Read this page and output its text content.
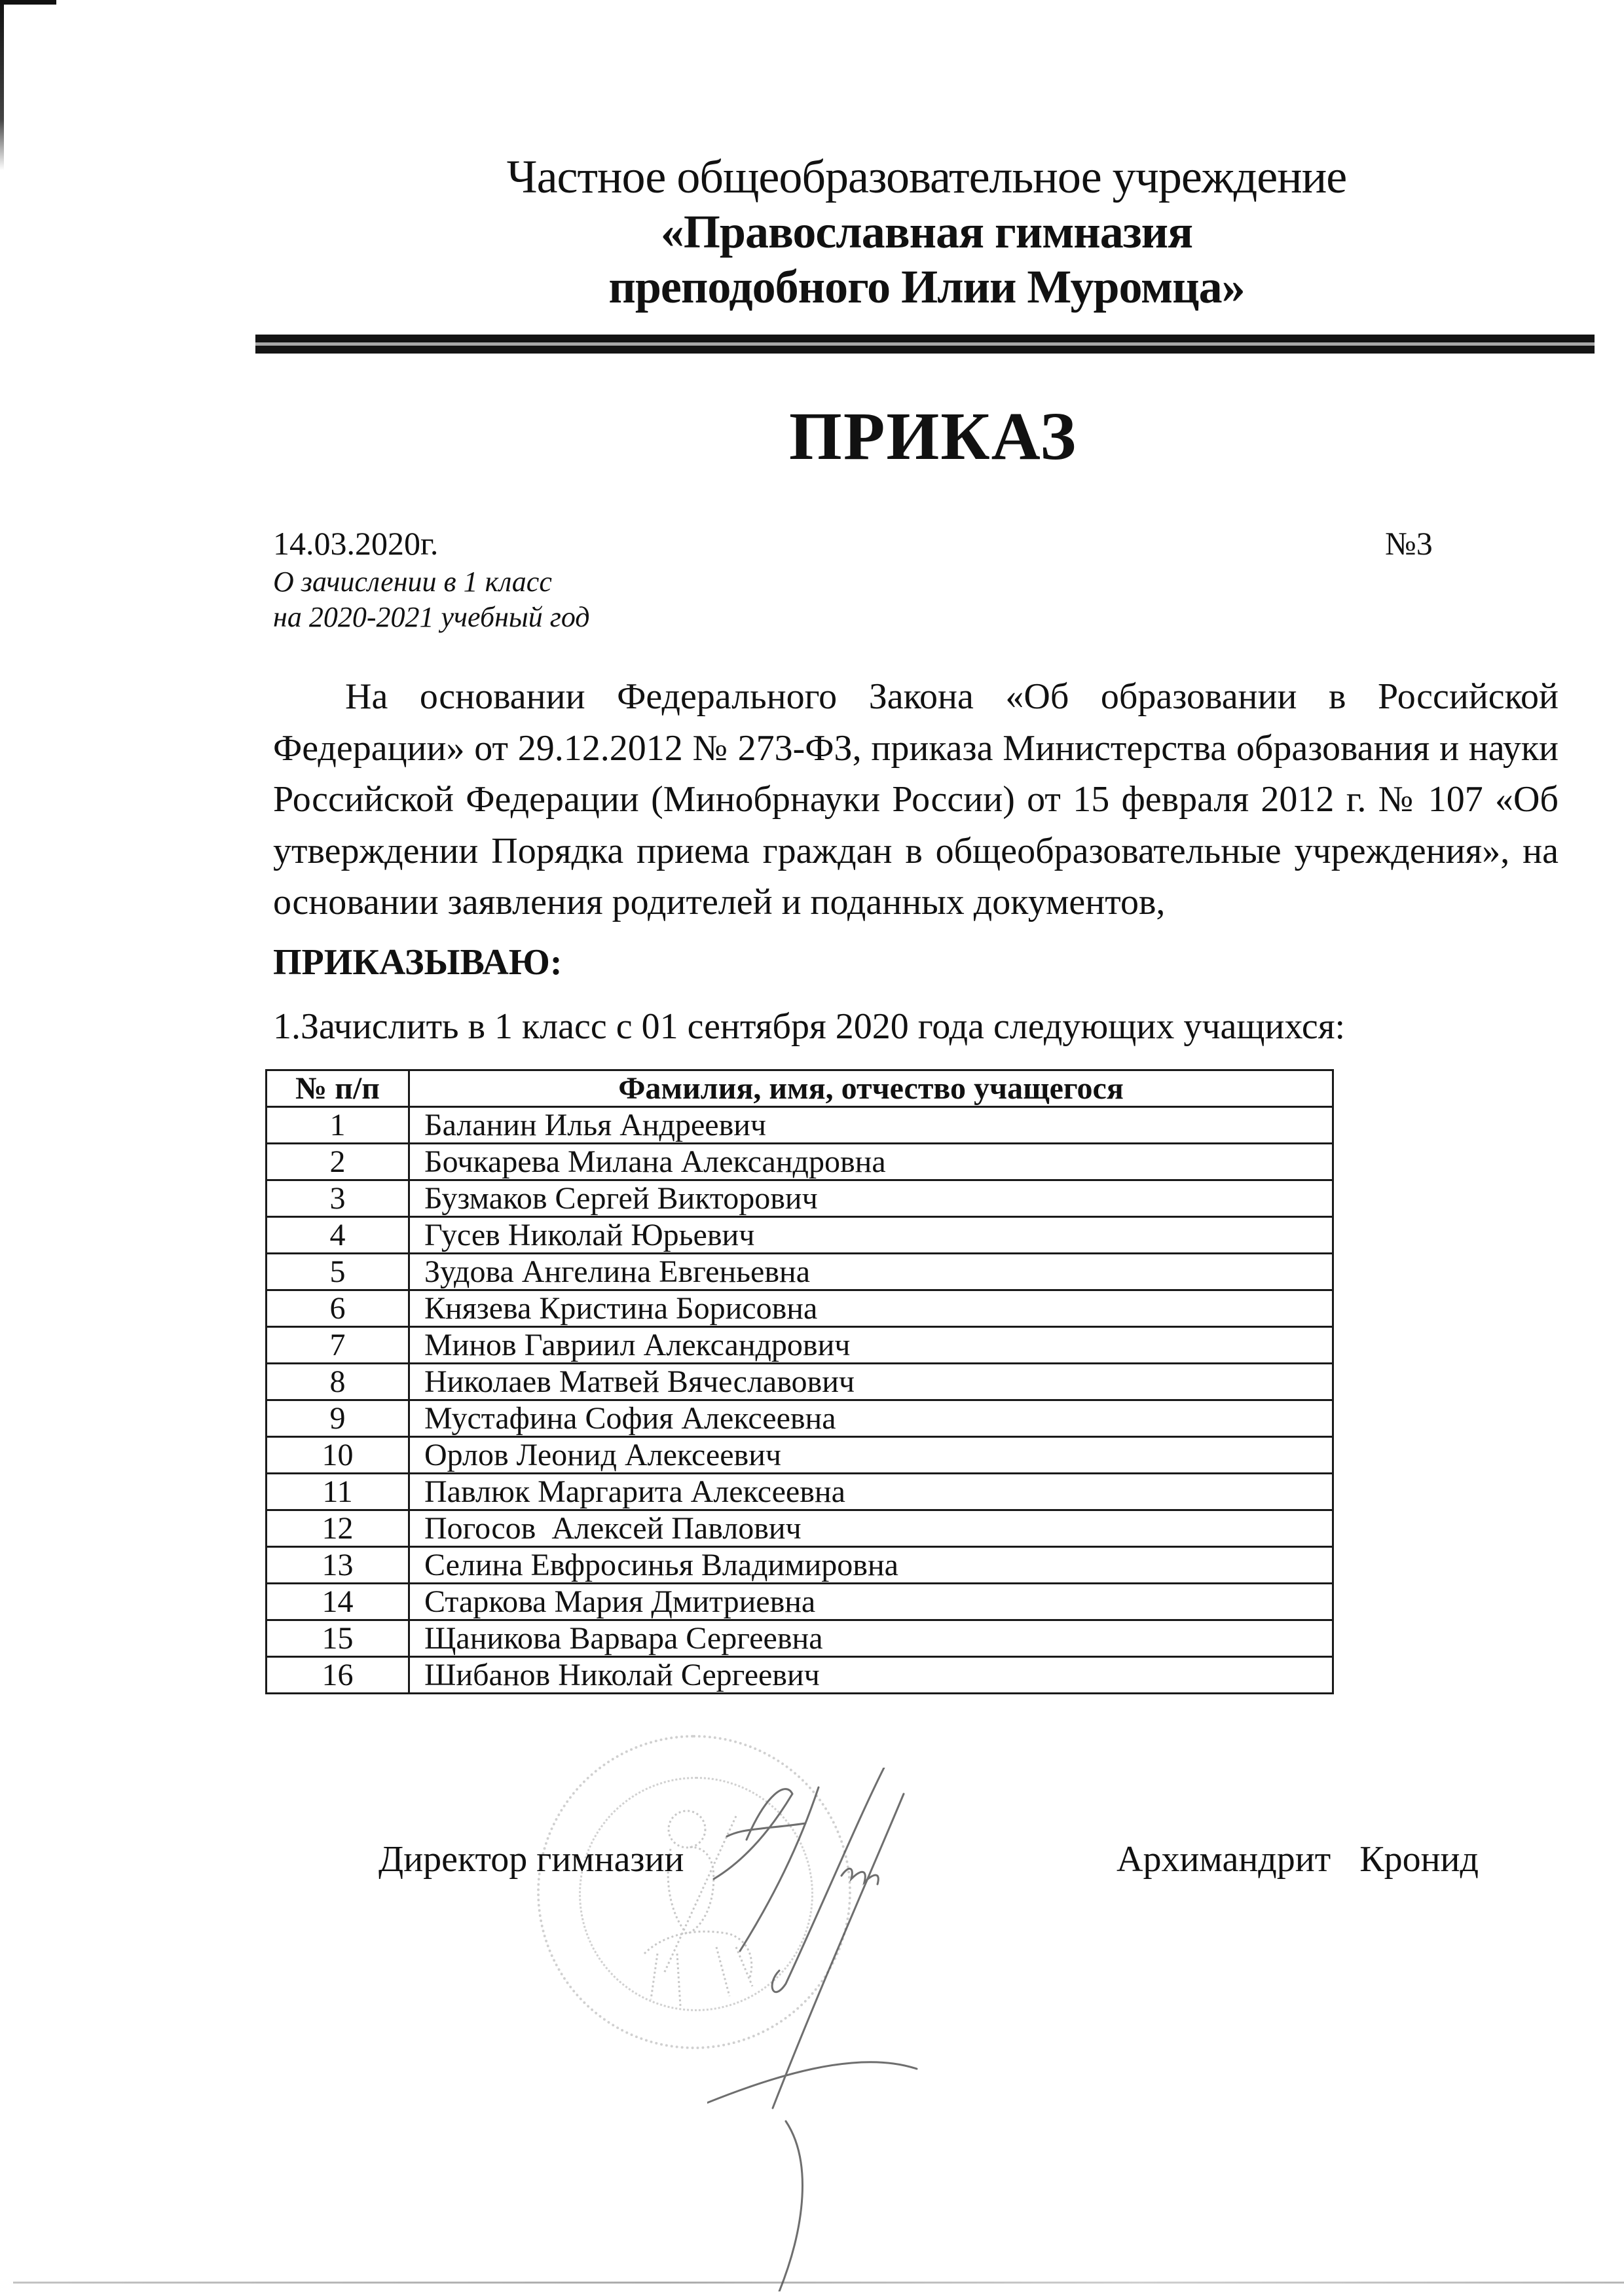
Частное общеобразовательное учреждение
«Православная гимназия
преподобного Илии Муромца»
ПРИКАЗ
14.03.2020г.	№3
О зачислении в 1 класс
на 2020-2021 учебный год
На основании Федерального Закона «Об образовании в Российской Федерации» от 29.12.2012 № 273-ФЗ, приказа Министерства образования и науки Российской Федерации (Минобрнауки России) от 15 февраля 2012 г. № 107 «Об утверждении Порядка приема граждан в общеобразовательные учреждения», на основании заявления родителей и поданных документов,
ПРИКАЗЫВАЮ:
1.Зачислить в 1 класс с 01 сентября 2020 года следующих учащихся:
№ п/п	Фамилия, имя, отчество учащегося
1	Баланин Илья Андреевич
2	Бочкарева Милана Александровна
3	Бузмаков Сергей Викторович
4	Гусев Николай Юрьевич
5	Зудова Ангелина Евгеньевна
6	Князева Кристина Борисовна
7	Минов Гавриил Александрович
8	Николаев Матвей Вячеславович
9	Мустафина София Алексеевна
10	Орлов Леонид Алексеевич
11	Павлюк Маргарита Алексеевна
12	Погосов  Алексей Павлович
13	Селина Евфросинья Владимировна
14	Старкова Мария Дмитриевна
15	Щаникова Варвара Сергеевна
16	Шибанов Николай Сергеевич
Директор гимназии	Архимандрит  Кронид
